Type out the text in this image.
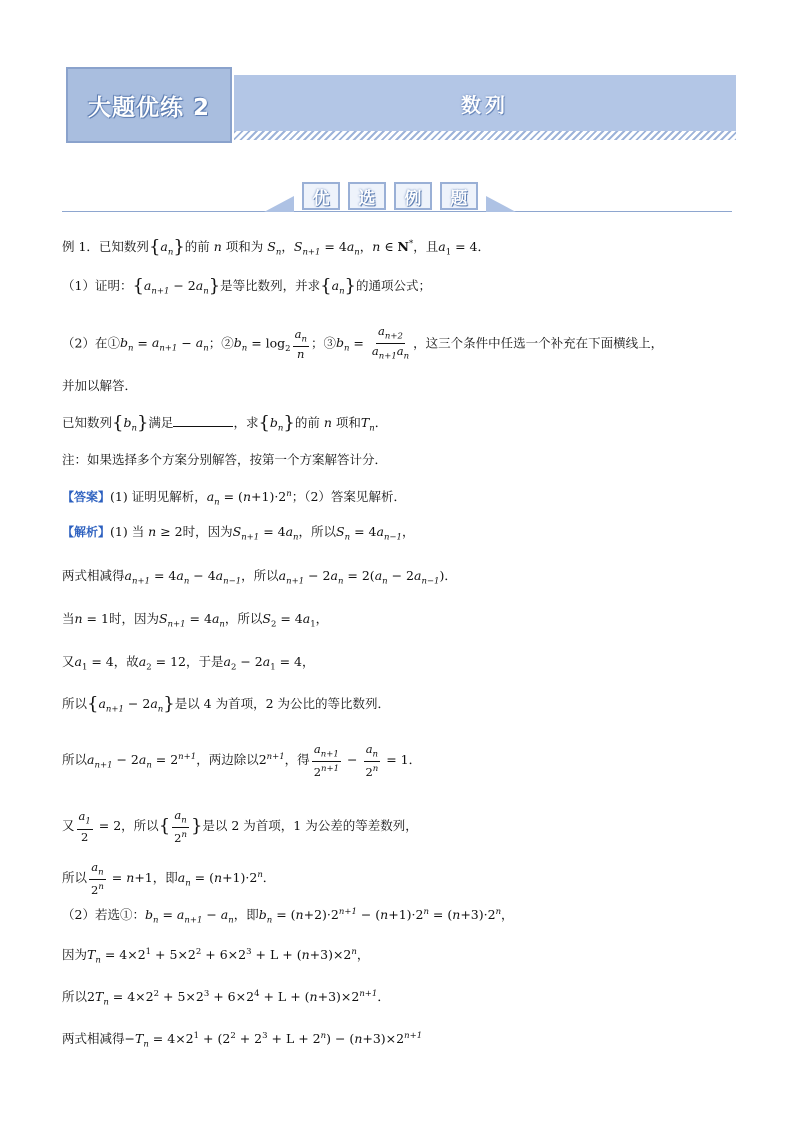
大题优练 2	数列
优	选	例	题
例 1．已知数列$\{a_n\}$的前 n 项和为 $S_n$，$S_{n+1} = 4a_n$，n ∈ N*，且$a_1 = 4$．
（1）证明：$\{a_{n+1} - 2a_n\}$是等比数列，并求$\{a_n\}$的通项公式；
（2）在$①b_n = a_{n+1} - a_n$；$②b_n = \log_2 \frac{a_n}{n}$ ；$③b_n = \frac{a_{n+2}}{a_{n+1}a_n}$ ，这三个条件中任选一个补充在下面横线上，
并加以解答．
已知数列$\{b_n\}$满足	，求$\{b_n\}$的前 n 项和$T_n$．
注：如果选择多个方案分别解答，按第一个方案解答计分．
【答案】(1) 证明见解析，$a_n = (n+1)\cdot 2^n$；（2）答案见解析．
【解析】(1) 当 n ≥ 2时，因为$S_{n+1} = 4a_n$，所以$S_n = 4a_{n-1}$，
两式相减得$a_{n+1} = 4a_n - 4a_{n-1}$，所以$a_{n+1} - 2a_n = 2(a_n - 2a_{n-1})$．
当n = 1时，因为$S_{n+1} = 4a_n$，所以$S_2 = 4a_1$，
又$a_1 = 4$，故$a_2 = 12$，于是$a_2 - 2a_1 = 4$，
所以$\{a_{n+1} - 2a_n\}$是以 4 为首项，2 为公比的等比数列．
所以$a_{n+1} - 2a_n = 2^{n+1}$，两边除以$2^{n+1}$，得 $\frac{a_{n+1}}{2^{n+1}} - \frac{a_n}{2^n} = 1$．
又 $\frac{a_1}{2} = 2$，所以{ $\frac{a_n}{2^n}$ }是以 2 为首项，1 为公差的等差数列，
所以 $\frac{a_n}{2^n} = n+1$，即$a_n = (n+1)\cdot 2^n$．
（2）若选①：$b_n = a_{n+1} - a_n$，即$b_n = (n+2)\cdot 2^{n+1} - (n+1)\cdot 2^n = (n+3)\cdot 2^n$，
因为$T_n = 4\times 2^1 + 5\times 2^2 + 6\times 2^3 + L + (n+3)\times 2^n$，
所以$2T_n = 4\times 2^2 + 5\times 2^3 + 6\times 2^4 + L + (n+3)\times 2^{n+1}$．
两式相减得$-T_n = 4\times 2^1 + (2^2 + 2^3 + L + 2^n) - (n+3)\times 2^{n+1}$
